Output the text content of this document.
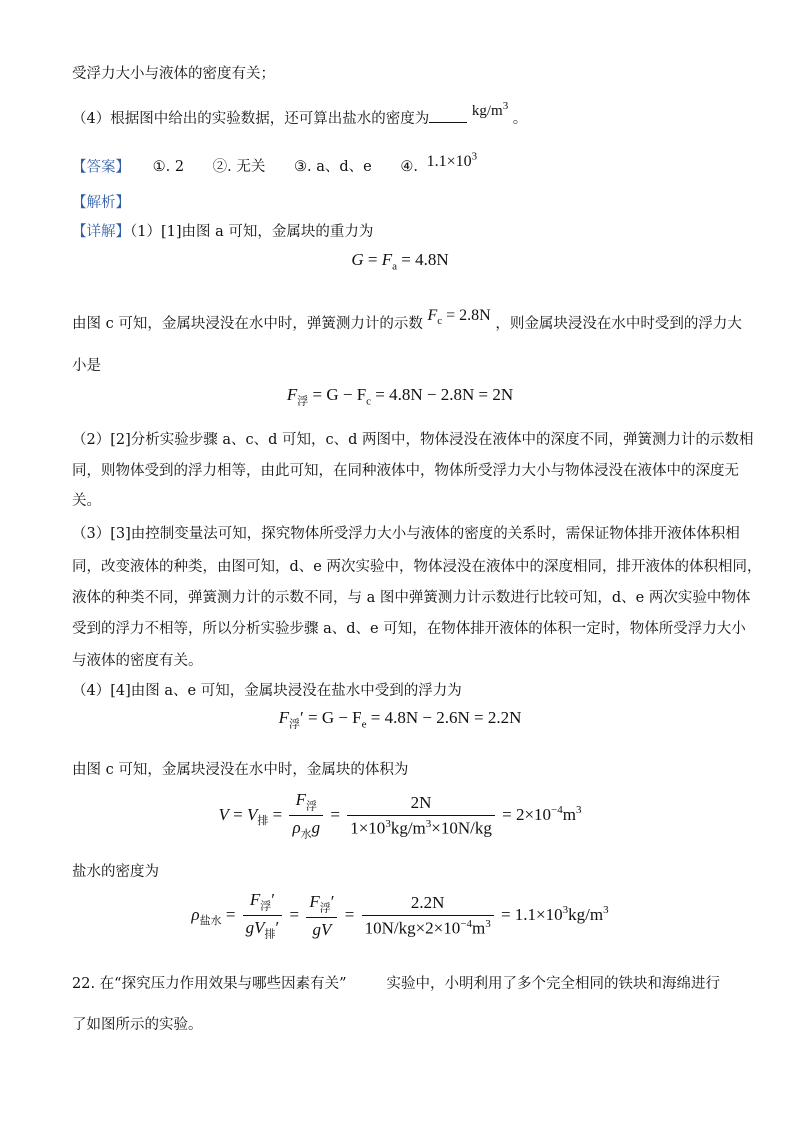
受浮力大小与液体的密度有关；
（4）根据图中给出的实验数据，还可算出盐水的密度为	$kg/m^3$ 。
【答案】 ①. 2 ②. 无关 ③. a、d、e ④. $1.1\times 10^3$
【解析】
【详解】（1）[1]由图 a 可知，金属块的重力为
$G = F_a = 4.8N$
由图 c 可知，金属块浸没在水中时，弹簧测力计的示数 $F_c = 2.8N$ ，则金属块浸没在水中时受到的浮力大
小是
$F_浮 = G - F_c = 4.8N - 2.8N = 2N$
（2）[2]分析实验步骤 a、c、d 可知，c、d 两图中，物体浸没在液体中的深度不同，弹簧测力计的示数相
同，则物体受到的浮力相等，由此可知，在同种液体中，物体所受浮力大小与物体浸没在液体中的深度无
关。
（3）[3]由控制变量法可知，探究物体所受浮力大小与液体的密度的关系时，需保证物体排开液体体积相
同，改变液体的种类，由图可知，d、e 两次实验中，物体浸没在液体中的深度相同，排开液体的体积相同，
液体的种类不同，弹簧测力计的示数不同，与 a 图中弹簧测力计示数进行比较可知，d、e 两次实验中物体
受到的浮力不相等，所以分析实验步骤 a、d、e 可知，在物体排开液体的体积一定时，物体所受浮力大小
与液体的密度有关。
（4）[4]由图 a、e 可知，金属块浸没在盐水中受到的浮力为
$F_浮' = G - F_e = 4.8N - 2.6N = 2.2N$
由图 c 可知，金属块浸没在水中时，金属块的体积为
$V = V_排 = \frac{F_浮}{\rho_水g} = \frac{2N}{1\times 10^3kg/m^3\times 10N/kg} = 2\times 10^{-4}m^3$
盐水的密度为
$\rho_{盐水} = \frac{F_浮'}{gV_排'} = \frac{F_浮'}{gV} = \frac{2.2N}{10N/kg\times 2\times 10^{-4}m^3} = 1.1\times 10^3kg/m^3$
22. 在“探究压力作用效果与哪些因素有关”	实验中，小明利用了多个完全相同的铁块和海绵进行
了如图所示的实验。
